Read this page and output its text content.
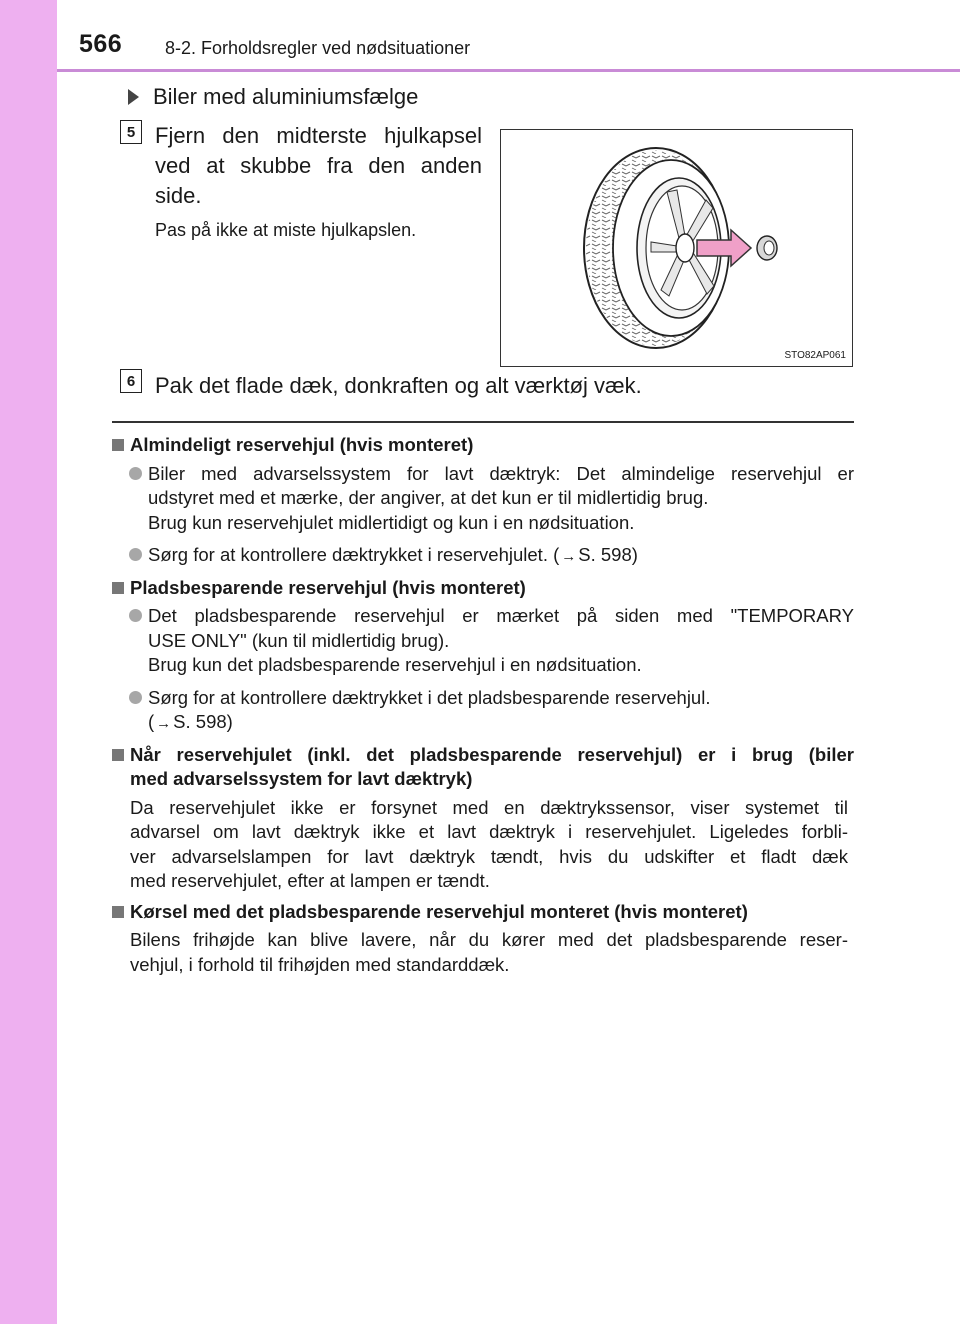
566 8-2. Forholdsregler ved nødsituationer
Biler med aluminiumsfælge
5 Fjern den midterste hjulkapsel
ved at skubbe fra den anden
side.
Pas på ikke at miste hjulkapslen.
STO82AP061
6 Pak det flade dæk, donkraften og alt værktøj væk.
Almindeligt reservehjul (hvis monteret)
Biler med advarselssystem for lavt dæktryk: Det almindelige reservehjul er
udstyret med et mærke, der angiver, at det kun er til midlertidig brug.
Brug kun reservehjulet midlertidigt og kun i en nødsituation.
Sørg for at kontrollere dæktrykket i reservehjulet. ( → S. 598)
Pladsbesparende reservehjul (hvis monteret)
Det pladsbesparende reservehjul er mærket på siden med "TEMPORARY
USE ONLY" (kun til midlertidig brug).
Brug kun det pladsbesparende reservehjul i en nødsituation.
Sørg for at kontrollere dæktrykket i det pladsbesparende reservehjul.
( → S. 598)
Når reservehjulet (inkl. det pladsbesparende reservehjul) er i brug (biler
med advarselssystem for lavt dæktryk)
Da reservehjulet ikke er forsynet med en dæktrykssensor, viser systemet til
advarsel om lavt dæktryk ikke et lavt dæktryk i reservehjulet. Ligeledes forbli-
ver advarselslampen for lavt dæktryk tændt, hvis du udskifter et fladt dæk
med reservehjulet, efter at lampen er tændt.
Kørsel med det pladsbesparende reservehjul monteret (hvis monteret)
Bilens frihøjde kan blive lavere, når du kører med det pladsbesparende reser-
vehjul, i forhold til frihøjden med standarddæk.
